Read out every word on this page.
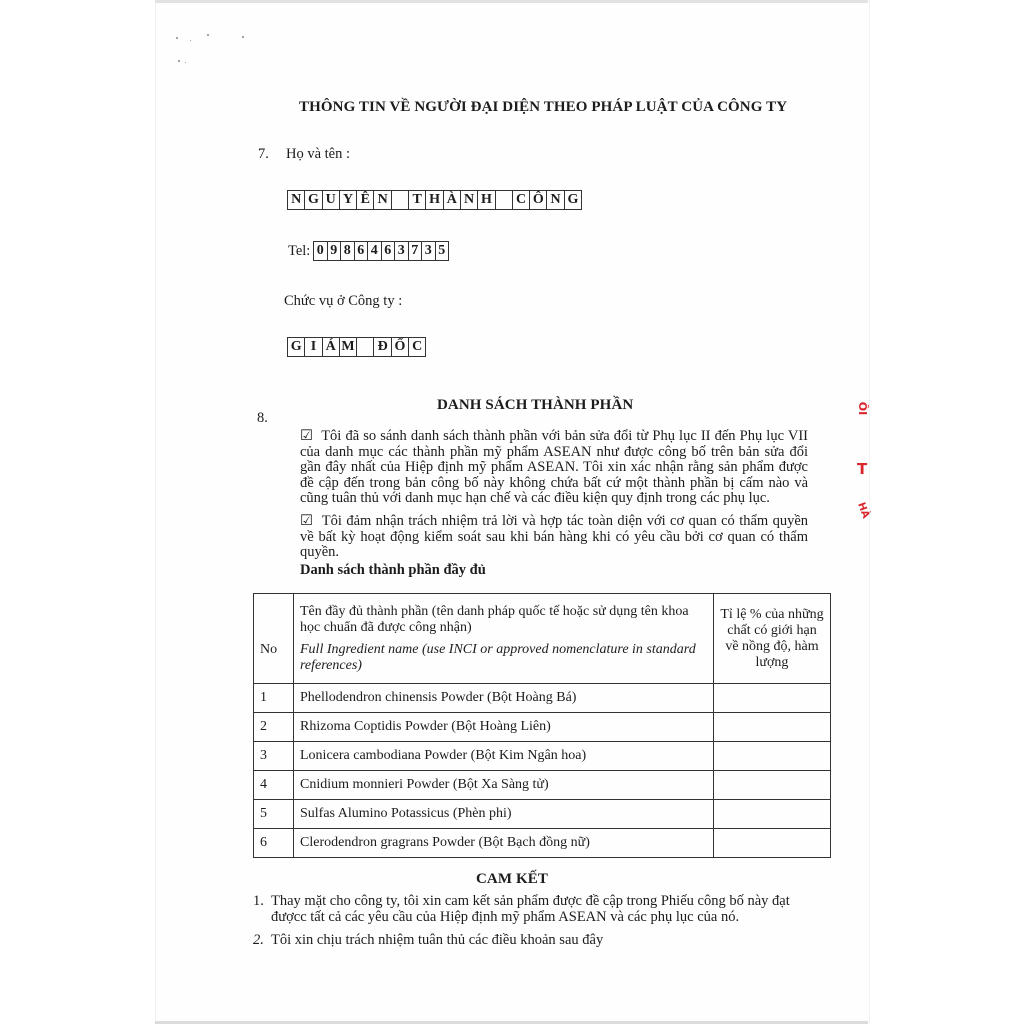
THÔNG TIN VỀ NGƯỜI ĐẠI DIỆN THEO PHÁP LUẬT CỦA CÔNG TY
7. Họ và tên :
N G U Y Ê N T H À N H C Ô N G
Tel: 0 9 8 6 4 6 3 7 3 5
Chức vụ ở Công ty :
G I Á M Đ Ố C
DANH SÁCH THÀNH PHẦN
8.
☑ Tôi đã so sánh danh sách thành phần với bản sửa đổi từ Phụ lục II đến Phụ lục VII
của danh mục các thành phần mỹ phẩm ASEAN như được công bố trên bản sửa đổi
gần đây nhất của Hiệp định mỹ phẩm ASEAN. Tôi xin xác nhận rằng sản phẩm được
đề cập đến trong bản công bố này không chứa bất cứ một thành phần bị cấm nào và
cũng tuân thủ với danh mục hạn chế và các điều kiện quy định trong các phụ lục.
☑ Tôi đảm nhận trách nhiệm trả lời và hợp tác toàn diện với cơ quan có thẩm quyền
về bất kỳ hoạt động kiểm soát sau khi bán hàng khi có yêu cầu bởi cơ quan có thẩm
quyền.
Danh sách thành phần đầy đủ
No	Tên đầy đủ thành phần (tên danh pháp quốc tế hoặc sử dụng tên khoa học chuẩn đã được công nhận)
Full Ingredient name (use INCI or approved nomenclature in standard references)	Tỉ lệ % của những chất có giới hạn về nồng độ, hàm lượng
1	Phellodendron chinensis Powder (Bột Hoàng Bá)	
2	Rhizoma Coptidis Powder (Bột Hoàng Liên)	
3	Lonicera cambodiana Powder (Bột Kim Ngân hoa)	
4	Cnidium monnieri Powder (Bột Xa Sàng tử)	
5	Sulfas Alumino Potassicus (Phèn phi)	
6	Clerodendron gragrans Powder (Bột Bạch đồng nữ)	
CAM KẾT
1. Thay mặt cho công ty, tôi xin cam kết sản phẩm được đề cập trong Phiếu công bố này đạt
đượcc tất cả các yêu cầu của Hiệp định mỹ phẩm ASEAN và các phụ lục của nó.
2. Tôi xin chịu trách nhiệm tuân thủ các điều khoản sau đây
ÔI
T
HÀ
